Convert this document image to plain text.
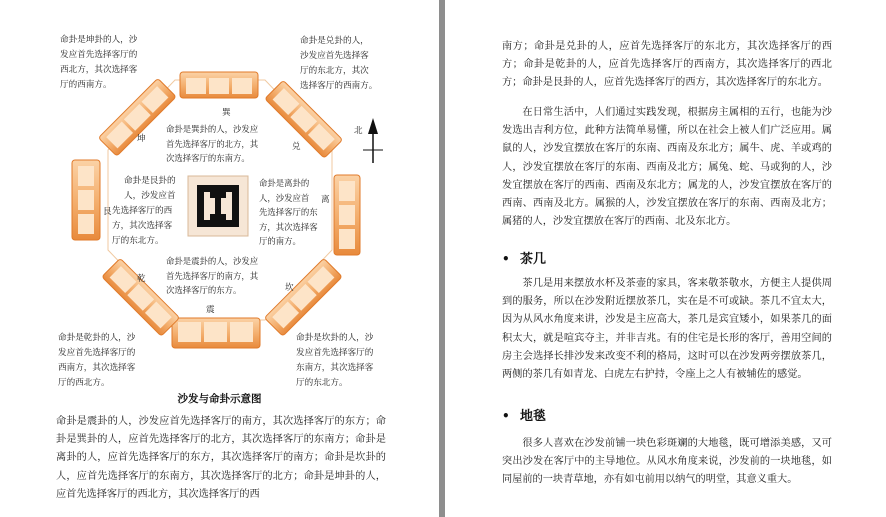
命卦是坤卦的人，沙
发应首先选择客厅的
西北方，其次选择客
厅的西南方。
命卦是兑卦的人，
沙发应首先选择客
厅的东北方，其次
选择客厅的西南方。
命卦是艮卦的
人，沙发应首
先选择客厅的西
方，其次选择客
厅的东北方。
命卦是乾卦的人，沙
发应首先选择客厅的
西南方，其次选择客
厅的西北方。
命卦是坎卦的人，沙
发应首先选择客厅的
东南方，其次选择客
厅的东北方。
命卦是巽卦的人，沙发应
首先选择客厅的北方，其
次选择客厅的东南方。
命卦是离卦的
人，沙发应首
先选择客厅的东
方，其次选择客
厅的南方。
命卦是震卦的人，沙发应
首先选择客厅的南方，其
次选择客厅的东方。
巽
坤
兑
艮
离
乾
坎
震
北
沙发与命卦示意图
命卦是震卦的人，沙发应首先选择客厅的南方，其次选择客厅的东方；命卦是巽卦的人，应首先选择客厅的北方，其次选择客厅的东南方；命卦是离卦的人，应首先选择客厅的东方，其次选择客厅的南方；命卦是坎卦的人，应首先选择客厅的东南方，其次选择客厅的北方；命卦是坤卦的人，应首先选择客厅的西北方，其次选择客厅的西
南方；命卦是兑卦的人，应首先选择客厅的东北方，其次选择客厅的西方；命卦是乾卦的人，应首先选择客厅的西南方，其次选择客厅的西北方；命卦是艮卦的人，应首先选择客厅的西方，其次选择客厅的东北方。
在日常生活中，人们通过实践发现，根据房主属相的五行，也能为沙发选出吉利方位，此种方法简单易懂，所以在社会上被人们广泛应用。属鼠的人，沙发宜摆放在客厅的东南、西南及东北方；属牛、虎、羊或鸡的人，沙发宜摆放在客厅的东南、西南及北方；属兔、蛇、马或狗的人，沙发宜摆放在客厅的西南、西南及东北方；属龙的人，沙发宜摆放在客厅的西南、西南及北方。属猴的人，沙发宜摆放在客厅的东南、西南及北方；属猪的人，沙发宜摆放在客厅的西南、北及东北方。
• 茶几
茶几是用来摆放水杯及茶壶的家具，客来敬茶敬水，方便主人提供周到的服务，所以在沙发附近摆放茶几，实在是不可或缺。茶几不宜太大，因为从风水角度来讲，沙发是主应高大，茶几是宾宜矮小，如果茶几的面积太大，就是喧宾夺主，并非吉兆。有的住宅是长形的客厅，善用空间的房主会选择长排沙发来改变不利的格局，这时可以在沙发两旁摆放茶几，两侧的茶几有如青龙、白虎左右护持，令座上之人有被辅佐的感觉。
• 地毯
很多人喜欢在沙发前铺一块色彩斑斓的大地毯，既可增添美感，又可突出沙发在客厅中的主导地位。从风水角度来说，沙发前的一块地毯，如同屋前的一块青草地，亦有如屯前用以纳气的明堂，其意义重大。
